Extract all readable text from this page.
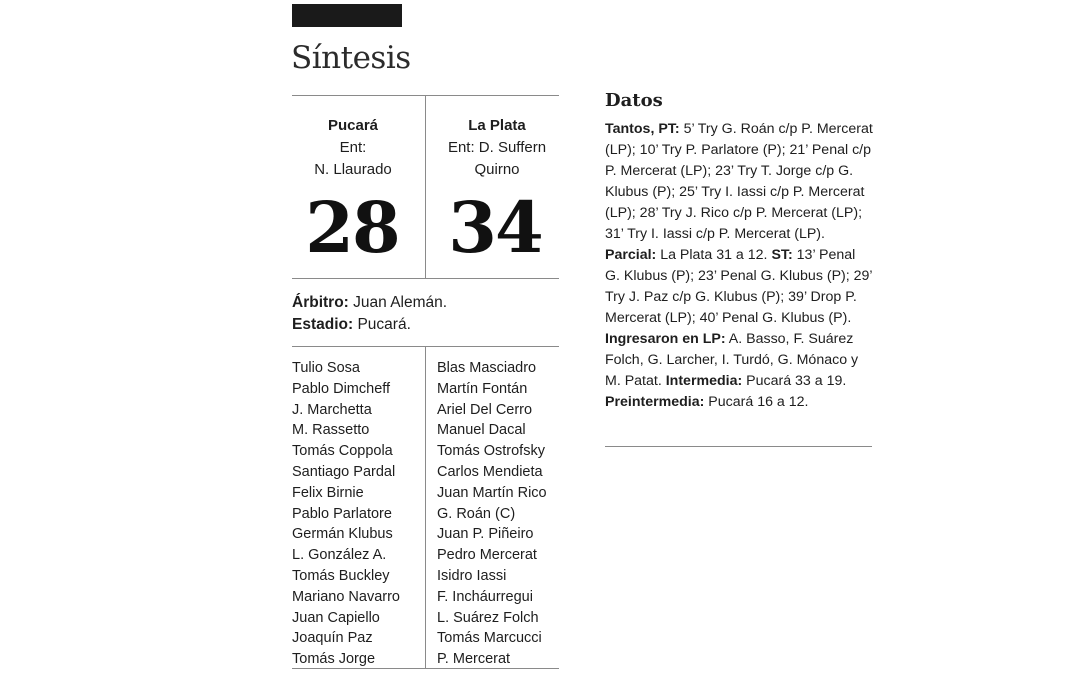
Síntesis
Pucará
Ent:
N. Llaurado
28
La Plata
Ent: D. Suffern
Quirno
34
Árbitro: Juan Alemán.
Estadio: Pucará.
Tulio Sosa
Pablo Dimcheff
J. Marchetta
M. Rassetto
Tomás Coppola
Santiago Pardal
Felix Birnie
Pablo Parlatore
Germán Klubus
L. González A.
Tomás Buckley
Mariano Navarro
Juan Capiello
Joaquín Paz
Tomás Jorge
Blas Masciadro
Martín Fontán
Ariel Del Cerro
Manuel Dacal
Tomás Ostrofsky
Carlos Mendieta
Juan Martín Rico
G. Roán (C)
Juan P. Piñeiro
Pedro Mercerat
Isidro Iassi
F. Incháurregui
L. Suárez Folch
Tomás Marcucci
P. Mercerat
Datos

Tantos, PT: 5’ Try G. Roán c/p P. Mercerat (LP); 10’ Try P. Parlatore (P); 21’ Penal c/p P. Mercerat (LP); 23’ Try T. Jorge c/p G. Klubus (P); 25’ Try I. Iassi c/p P. Mercerat (LP); 28’ Try J. Rico c/p P. Mercerat (LP); 31’ Try I. Iassi c/p P. Mercerat (LP). Parcial: La Plata 31 a 12. ST: 13’ Penal G. Klubus (P); 23’ Penal G. Klubus (P); 29’ Try J. Paz c/p G. Klubus (P); 39’ Drop P. Mercerat (LP); 40’ Penal G. Klubus (P). Ingresaron en LP: A. Basso, F. Suárez Folch, G. Larcher, I. Turdó, G. Mónaco y M. Patat. Intermedia: Pucará 33 a 19. Preintermedia: Pucará 16 a 12.
